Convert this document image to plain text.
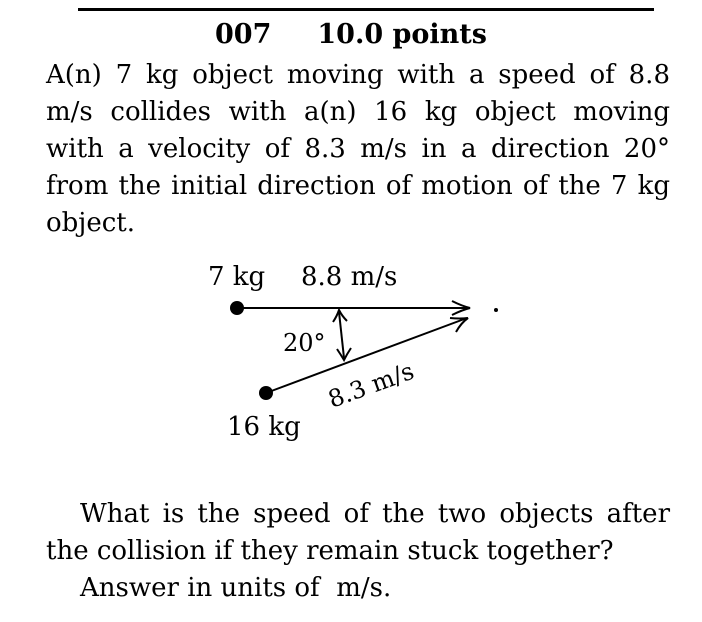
007 10.0 points

A(n) 7 kg object moving with a speed of 8.8 m/s collides with a(n) 16 kg object moving with a velocity of 8.3 m/s in a direction 20° from the initial direction of motion of the 7 kg object.

7 kg 8.8 m/s
20°
16 kg
8.3 m/s

What is the speed of the two objects after the collision if they remain stuck together?

Answer in units of m/s.
